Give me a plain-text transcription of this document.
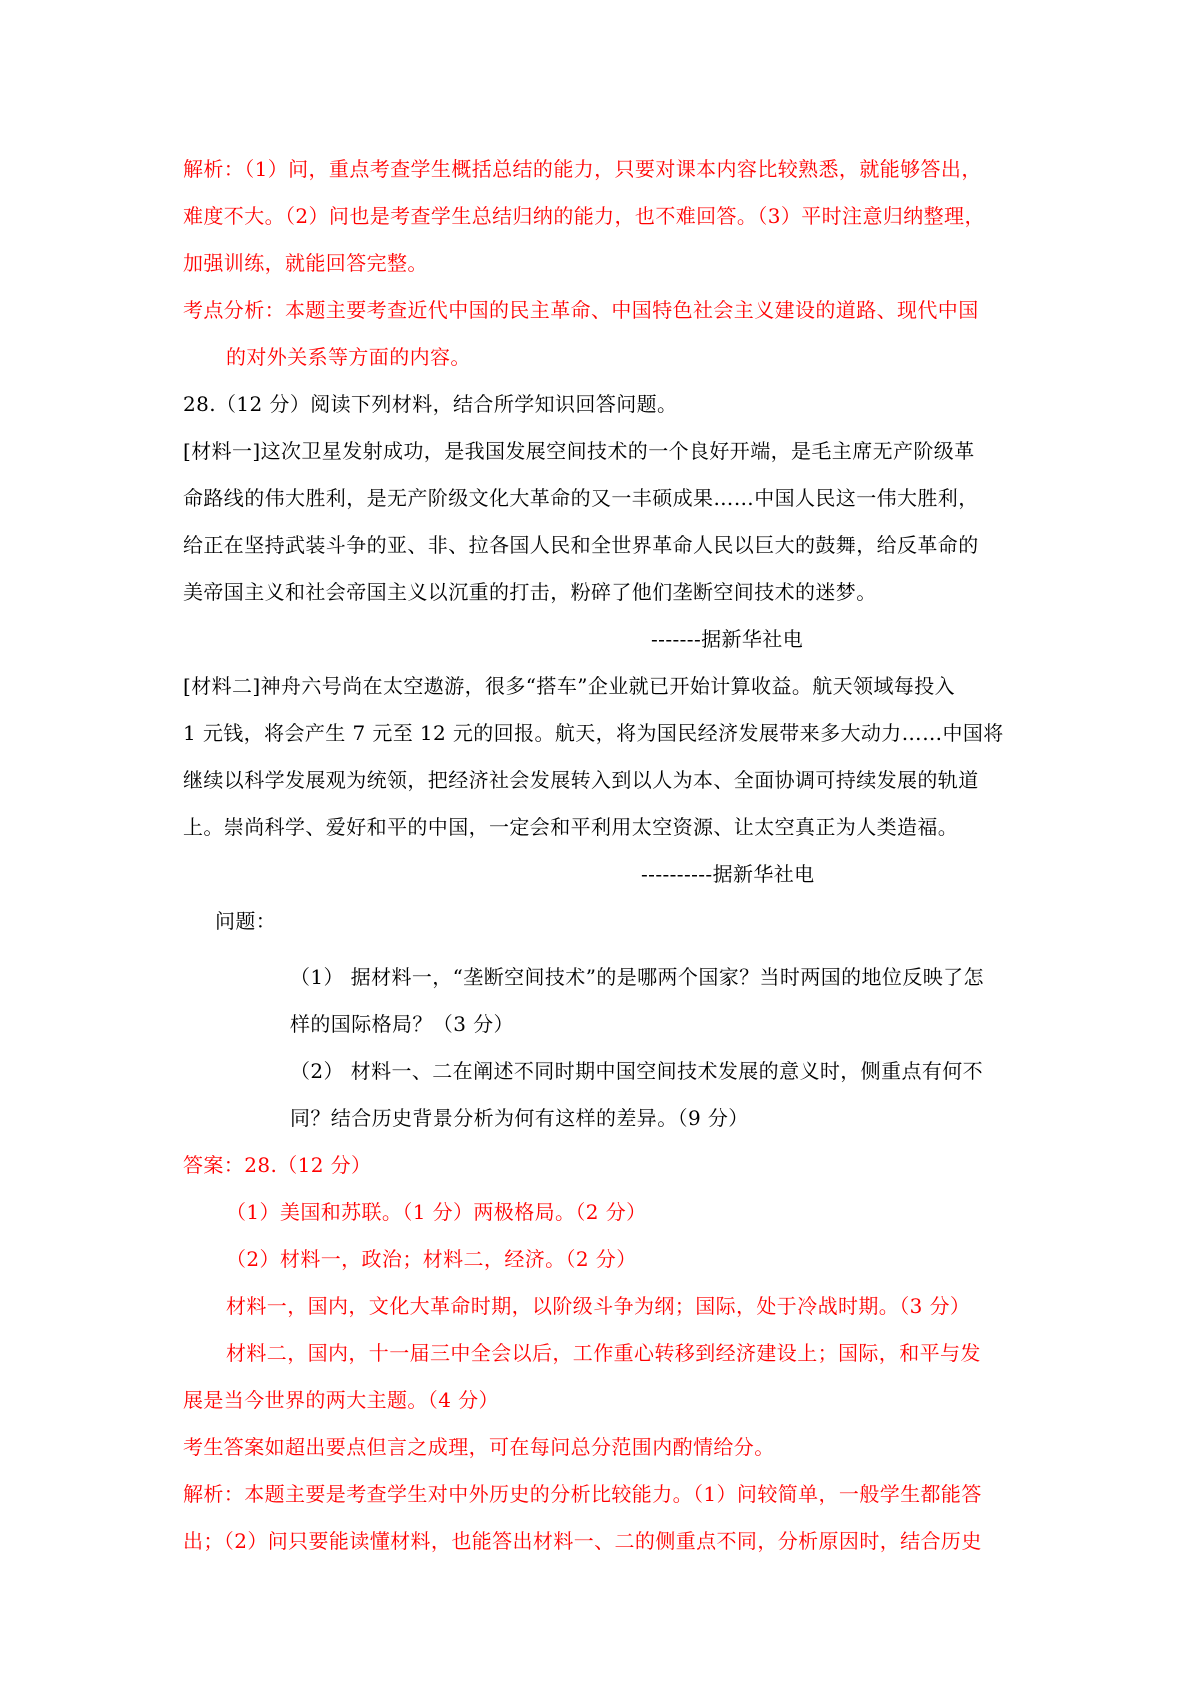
解析：（1）问，重点考查学生概括总结的能力，只要对课本内容比较熟悉，就能够答出，
难度不大。（2）问也是考查学生总结归纳的能力，也不难回答。（3）平时注意归纳整理，
加强训练，就能回答完整。
考点分析：本题主要考查近代中国的民主革命、中国特色社会主义建设的道路、现代中国
的对外关系等方面的内容。
28.（12 分）阅读下列材料，结合所学知识回答问题。
[材料一]这次卫星发射成功，是我国发展空间技术的一个良好开端，是毛主席无产阶级革
命路线的伟大胜利，是无产阶级文化大革命的又一丰硕成果……中国人民这一伟大胜利，
给正在坚持武装斗争的亚、非、拉各国人民和全世界革命人民以巨大的鼓舞，给反革命的
美帝国主义和社会帝国主义以沉重的打击，粉碎了他们垄断空间技术的迷梦。
-------据新华社电
[材料二]神舟六号尚在太空遨游，很多“搭车”企业就已开始计算收益。航天领域每投入
1 元钱，将会产生 7 元至 12 元的回报。航天，将为国民经济发展带来多大动力……中国将
继续以科学发展观为统领，把经济社会发展转入到以人为本、全面协调可持续发展的轨道
上。崇尚科学、爱好和平的中国，一定会和平利用太空资源、让太空真正为人类造福。
----------据新华社电
问题：
（1） 据材料一，“垄断空间技术”的是哪两个国家？当时两国的地位反映了怎
样的国际格局？（3 分）
（2） 材料一、二在阐述不同时期中国空间技术发展的意义时，侧重点有何不
同？结合历史背景分析为何有这样的差异。（9 分）
答案：28.（12 分）
（1）美国和苏联。（1 分）两极格局。（2 分）
（2）材料一，政治；材料二，经济。（2 分）
材料一，国内，文化大革命时期，以阶级斗争为纲；国际，处于冷战时期。（3 分）
材料二，国内，十一届三中全会以后，工作重心转移到经济建设上；国际，和平与发
展是当今世界的两大主题。（4 分）
考生答案如超出要点但言之成理，可在每问总分范围内酌情给分。
解析：本题主要是考查学生对中外历史的分析比较能力。（1）问较简单，一般学生都能答
出；（2）问只要能读懂材料，也能答出材料一、二的侧重点不同，分析原因时，结合历史
